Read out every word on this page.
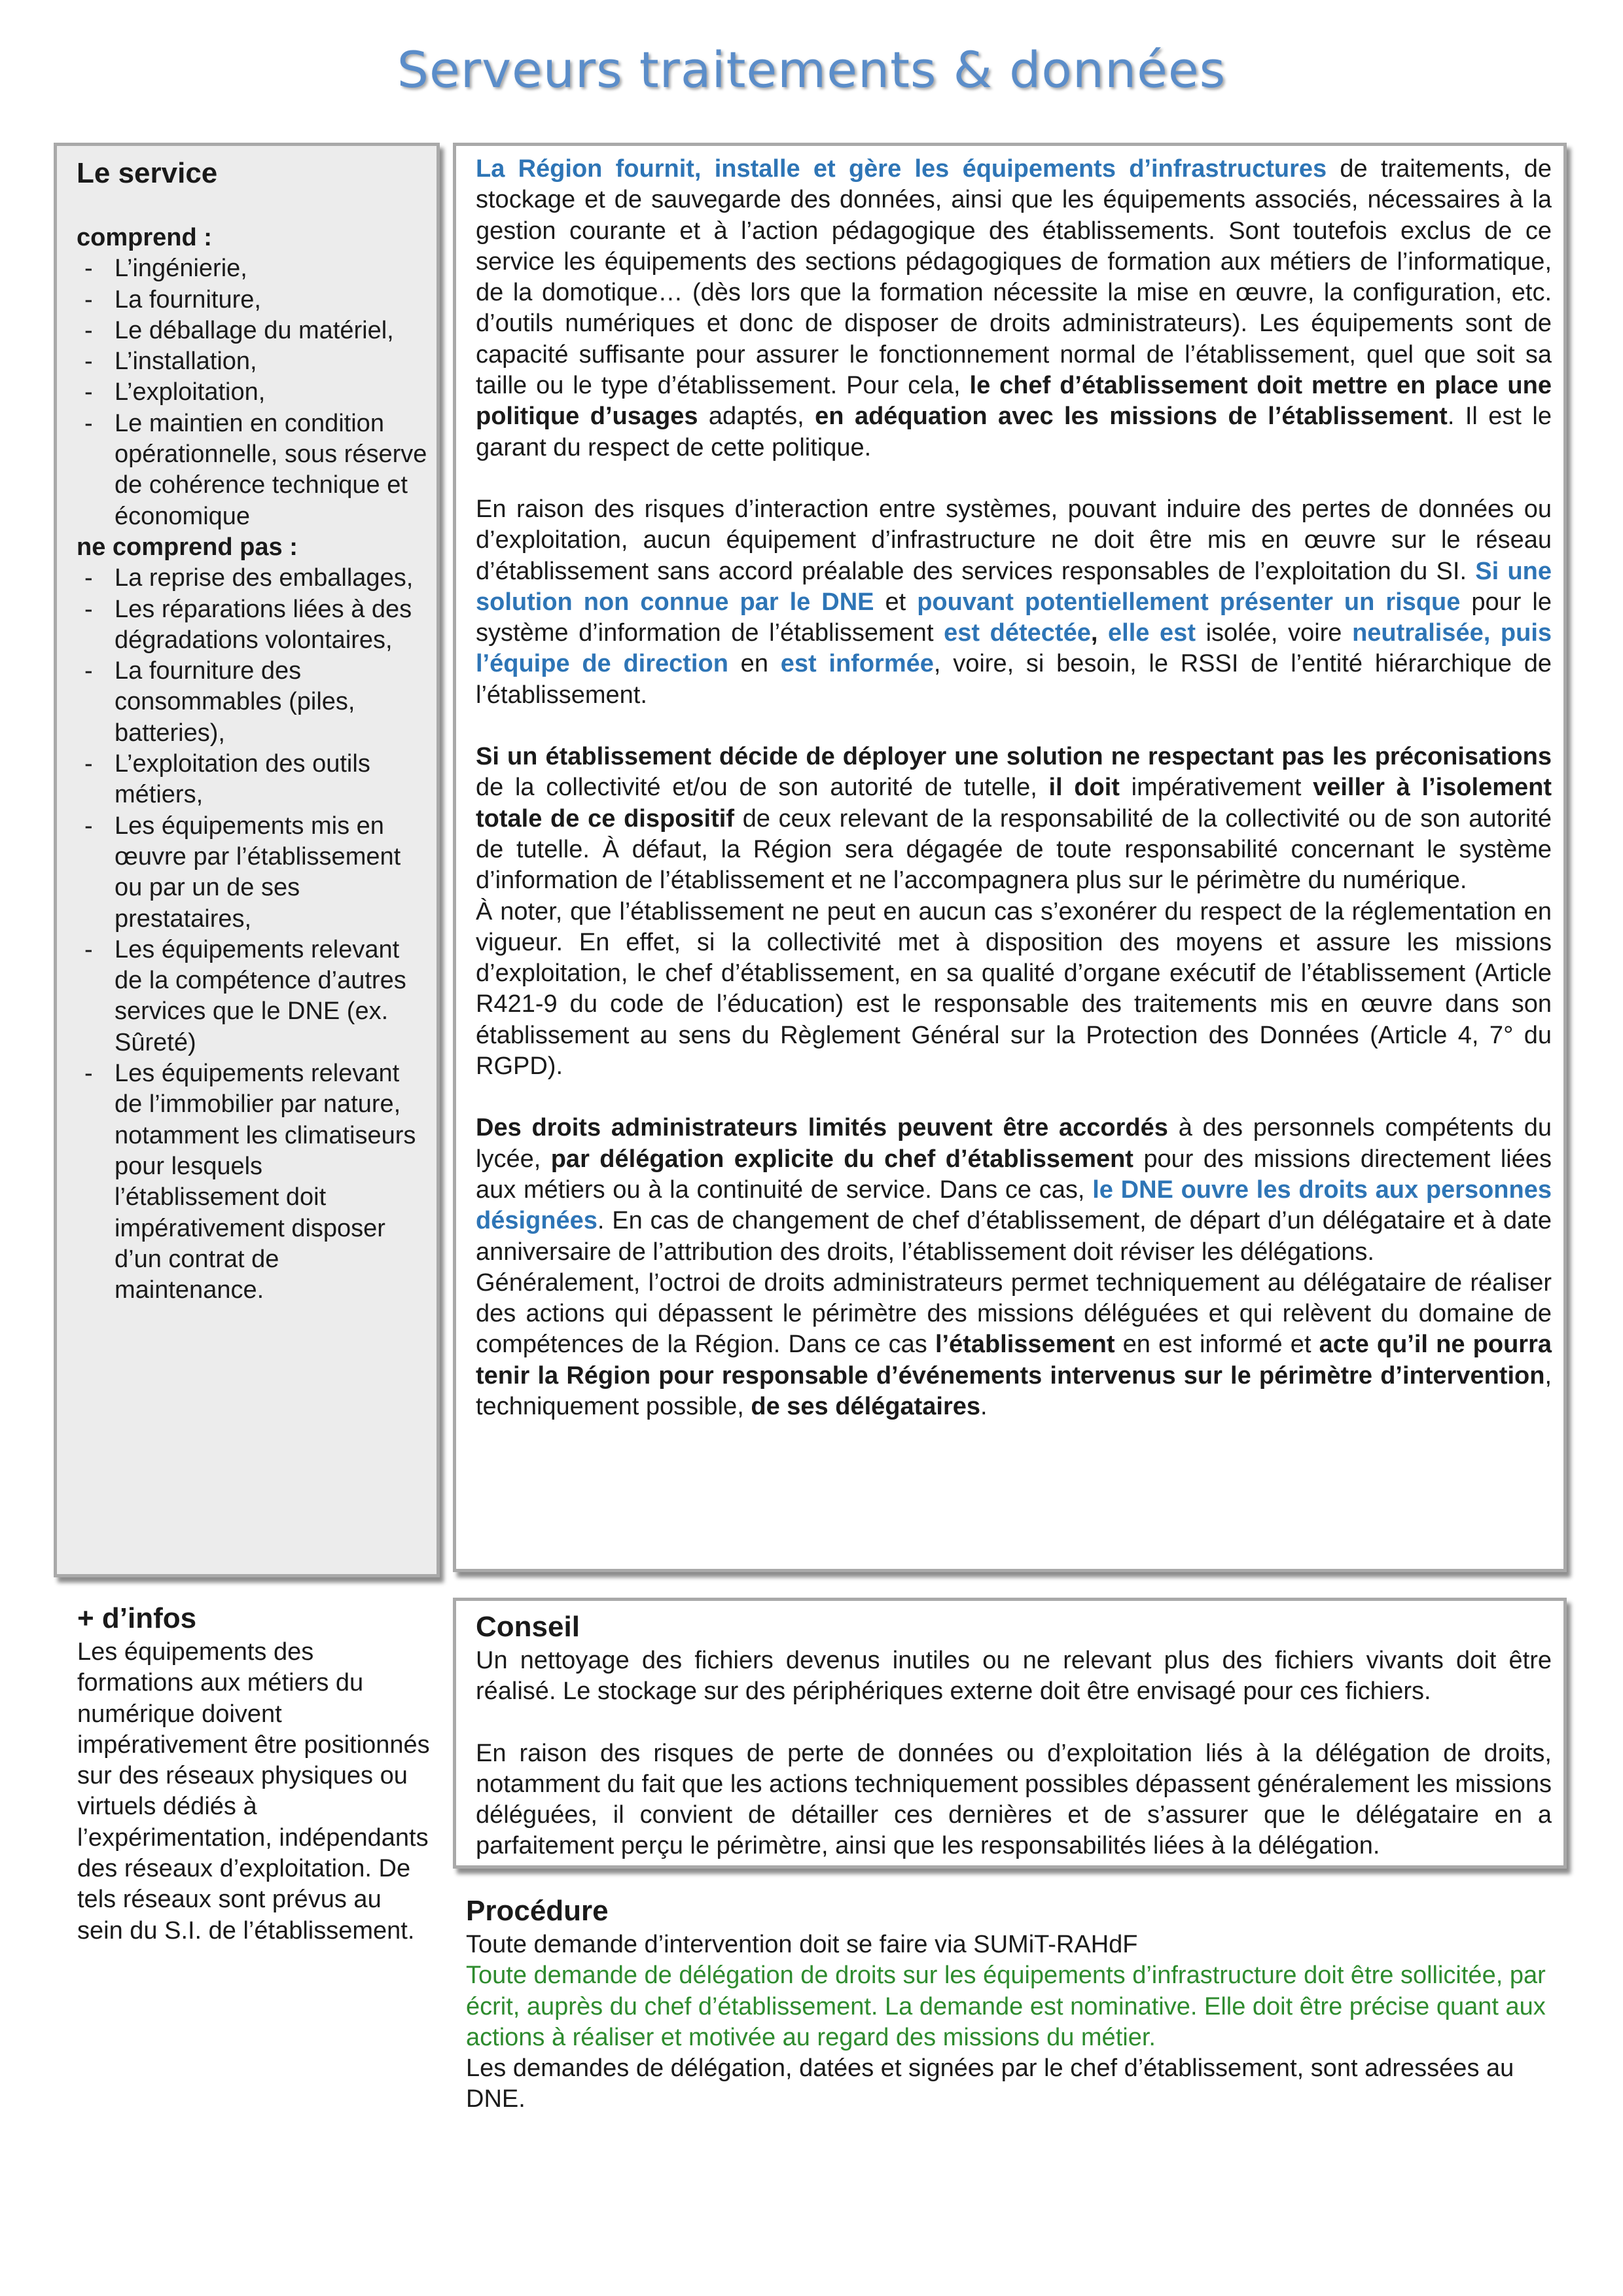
Serveurs traitements & données
Le service
comprend :
- L’ingénierie,
- La fourniture,
- Le déballage du matériel,
- L’installation,
- L’exploitation,
- Le maintien en condition opérationnelle, sous réserve de cohérence technique et économique
ne comprend pas :
- La reprise des emballages,
- Les réparations liées à des dégradations volontaires,
- La fourniture des consommables (piles, batteries),
- L’exploitation des outils métiers,
- Les équipements mis en œuvre par l’établissement ou par un de ses prestataires,
- Les équipements relevant de la compétence d’autres services que le DNE (ex. Sûreté)
- Les équipements relevant de l’immobilier par nature, notamment les climatiseurs pour lesquels l’établissement doit impérativement disposer d’un contrat de maintenance.

La Région fournit, installe et gère les équipements d’infrastructures de traitements, de stockage et de sauvegarde des données, ainsi que les équipements associés, nécessaires à la gestion courante et à l’action pédagogique des établissements. Sont toutefois exclus de ce service les équipements des sections pédagogiques de formation aux métiers de l’informatique, de la domotique… (dès lors que la formation nécessite la mise en œuvre, la configuration, etc. d’outils numériques et donc de disposer de droits administrateurs). Les équipements sont de capacité suffisante pour assurer le fonctionnement normal de l’établissement, quel que soit sa taille ou le type d’établissement. Pour cela, le chef d’établissement doit mettre en place une politique d’usages adaptés, en adéquation avec les missions de l’établissement. Il est le garant du respect de cette politique.

En raison des risques d’interaction entre systèmes, pouvant induire des pertes de données ou d’exploitation, aucun équipement d’infrastructure ne doit être mis en œuvre sur le réseau d’établissement sans accord préalable des services responsables de l’exploitation du SI. Si une solution non connue par le DNE et pouvant potentiellement présenter un risque pour le système d’information de l’établissement est détectée, elle est isolée, voire neutralisée, puis l’équipe de direction en est informée, voire, si besoin, le RSSI de l’entité hiérarchique de l’établissement.

Si un établissement décide de déployer une solution ne respectant pas les préconisations de la collectivité et/ou de son autorité de tutelle, il doit impérativement veiller à l’isolement totale de ce dispositif de ceux relevant de la responsabilité de la collectivité ou de son autorité de tutelle. À défaut, la Région sera dégagée de toute responsabilité concernant le système d’information de l’établissement et ne l’accompagnera plus sur le périmètre du numérique.

À noter, que l’établissement ne peut en aucun cas s’exonérer du respect de la réglementation en vigueur. En effet, si la collectivité met à disposition des moyens et assure les missions d’exploitation, le chef d’établissement, en sa qualité d’organe exécutif de l’établissement (Article R421-9 du code de l’éducation) est le responsable des traitements mis en œuvre dans son établissement au sens du Règlement Général sur la Protection des Données (Article 4, 7° du RGPD).

Des droits administrateurs limités peuvent être accordés à des personnels compétents du lycée, par délégation explicite du chef d’établissement pour des missions directement liées aux métiers ou à la continuité de service. Dans ce cas, le DNE ouvre les droits aux personnes désignées. En cas de changement de chef d’établissement, de départ d’un délégataire et à date anniversaire de l’attribution des droits, l’établissement doit réviser les délégations.

Généralement, l’octroi de droits administrateurs permet techniquement au délégataire de réaliser des actions qui dépassent le périmètre des missions déléguées et qui relèvent du domaine de compétences de la Région. Dans ce cas l’établissement en est informé et acte qu’il ne pourra tenir la Région pour responsable d’événements intervenus sur le périmètre d’intervention, techniquement possible, de ses délégataires.

+ d’infos

Les équipements des formations aux métiers du numérique doivent impérativement être positionnés sur des réseaux physiques ou virtuels dédiés à l’expérimentation, indépendants des réseaux d’exploitation. De tels réseaux sont prévus au sein du S.I. de l’établissement.

Conseil

Un nettoyage des fichiers devenus inutiles ou ne relevant plus des fichiers vivants doit être réalisé. Le stockage sur des périphériques externe doit être envisagé pour ces fichiers.

En raison des risques de perte de données ou d’exploitation liés à la délégation de droits, notamment du fait que les actions techniquement possibles dépassent généralement les missions déléguées, il convient de détailler ces dernières et de s’assurer que le délégataire en a parfaitement perçu le périmètre, ainsi que les responsabilités liées à la délégation.

Procédure

Toute demande d’intervention doit se faire via SUMiT-RAHdF

Toute demande de délégation de droits sur les équipements d’infrastructure doit être sollicitée, par écrit, auprès du chef d’établissement. La demande est nominative. Elle doit être précise quant aux actions à réaliser et motivée au regard des missions du métier.

Les demandes de délégation, datées et signées par le chef d’établissement, sont adressées au DNE.
